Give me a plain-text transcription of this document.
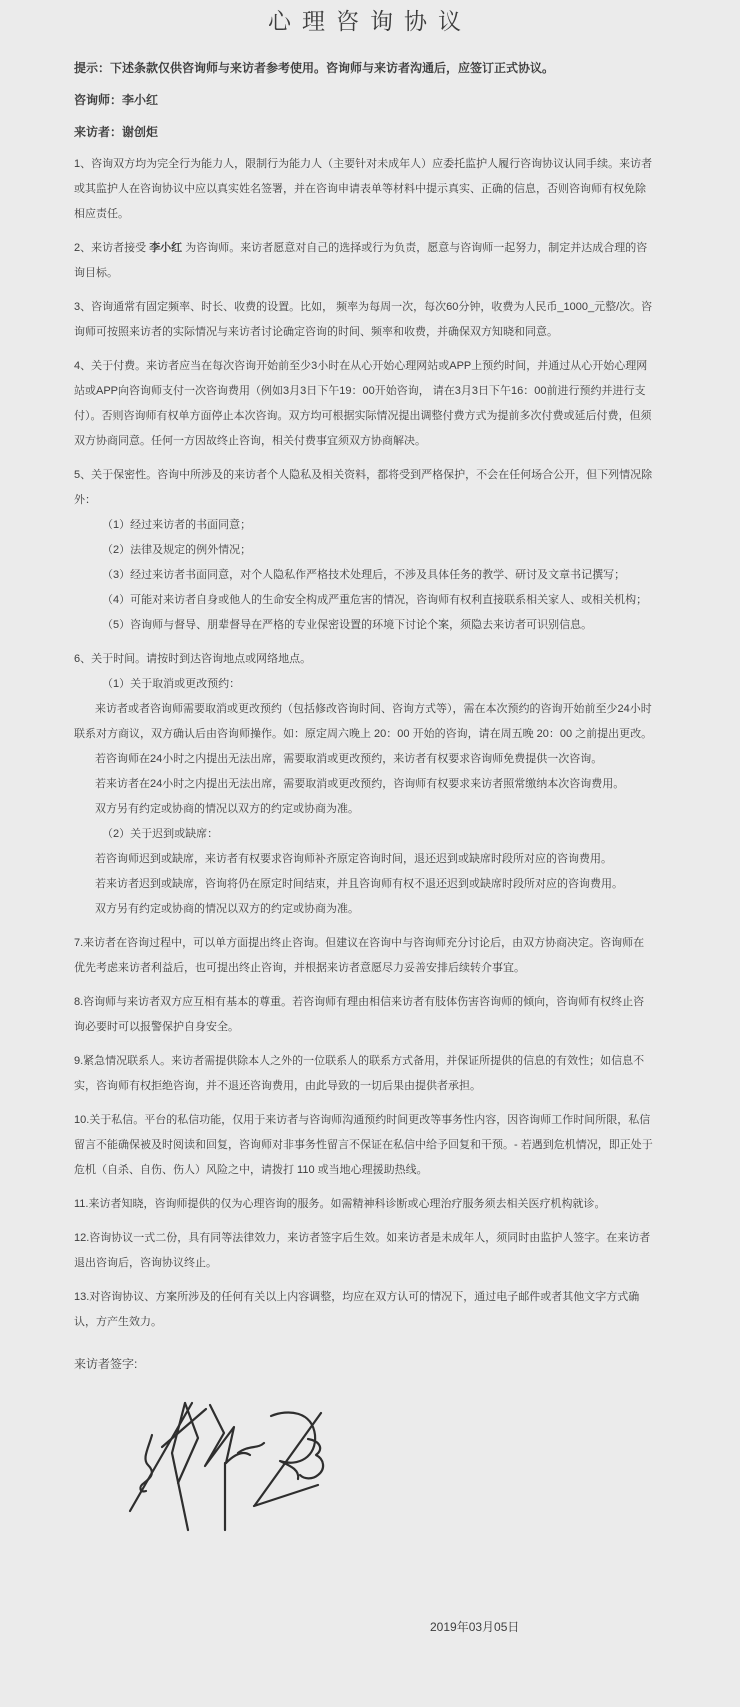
心理咨询协议

提示：下述条款仅供咨询师与来访者参考使用。咨询师与来访者沟通后，应签订正式协议。

咨询师：李小红

来访者：谢创炬

1、咨询双方均为完全行为能力人，限制行为能力人（主要针对未成年人）应委托监护人履行咨询协议认同手续。来访者或其监护人在咨询协议中应以真实姓名签署，并在咨询申请表单等材料中提示真实、正确的信息，否则咨询师有权免除相应责任。

2、来访者接受 李小红 为咨询师。来访者愿意对自己的选择或行为负责，愿意与咨询师一起努力，制定并达成合理的咨询目标。

3、咨询通常有固定频率、时长、收费的设置。比如， 频率为每周一次，每次60分钟，收费为人民币_1000_元整/次。咨询师可按照来访者的实际情况与来访者讨论确定咨询的时间、频率和收费，并确保双方知晓和同意。

4、关于付费。来访者应当在每次咨询开始前至少3小时在从心开始心理网站或APP上预约时间，并通过从心开始心理网站或APP向咨询师支付一次咨询费用（例如3月3日下午19：00开始咨询， 请在3月3日下午16：00前进行预约并进行支付）。否则咨询师有权单方面停止本次咨询。双方均可根据实际情况提出调整付费方式为提前多次付费或延后付费，但须双方协商同意。任何一方因故终止咨询，相关付费事宜须双方协商解决。

5、关于保密性。咨询中所涉及的来访者个人隐私及相关资料，都将受到严格保护，不会在任何场合公开，但下列情况除外：

（1）经过来访者的书面同意；

（2）法律及规定的例外情况；

（3）经过来访者书面同意，对个人隐私作严格技术处理后，不涉及具体任务的教学、研讨及文章书记撰写；

（4）可能对来访者自身或他人的生命安全构成严重危害的情况，咨询师有权利直接联系相关家人、或相关机构；

（5）咨询师与督导、朋辈督导在严格的专业保密设置的环境下讨论个案，须隐去来访者可识别信息。

6、关于时间。请按时到达咨询地点或网络地点。

（1）关于取消或更改预约：

来访者或者咨询师需要取消或更改预约（包括修改咨询时间、咨询方式等），需在本次预约的咨询开始前至少24小时联系对方商议，双方确认后由咨询师操作。如：原定周六晚上 20：00 开始的咨询，请在周五晚 20：00 之前提出更改。

若咨询师在24小时之内提出无法出席，需要取消或更改预约，来访者有权要求咨询师免费提供一次咨询。

若来访者在24小时之内提出无法出席，需要取消或更改预约，咨询师有权要求来访者照常缴纳本次咨询费用。

双方另有约定或协商的情况以双方的约定或协商为准。

（2）关于迟到或缺席：

若咨询师迟到或缺席，来访者有权要求咨询师补齐原定咨询时间，退还迟到或缺席时段所对应的咨询费用。

若来访者迟到或缺席，咨询将仍在原定时间结束，并且咨询师有权不退还迟到或缺席时段所对应的咨询费用。

双方另有约定或协商的情况以双方的约定或协商为准。

7.来访者在咨询过程中，可以单方面提出终止咨询。但建议在咨询中与咨询师充分讨论后，由双方协商决定。咨询师在优先考虑来访者利益后，也可提出终止咨询，并根据来访者意愿尽力妥善安排后续转介事宜。

8.咨询师与来访者双方应互相有基本的尊重。若咨询师有理由相信来访者有肢体伤害咨询师的倾向，咨询师有权终止咨询必要时可以报警保护自身安全。

9.紧急情况联系人。来访者需提供除本人之外的一位联系人的联系方式备用，并保证所提供的信息的有效性；如信息不实，咨询师有权拒绝咨询，并不退还咨询费用，由此导致的一切后果由提供者承担。

10.关于私信。平台的私信功能，仅用于来访者与咨询师沟通预约时间更改等事务性内容，因咨询师工作时间所限，私信留言不能确保被及时阅读和回复，咨询师对非事务性留言不保证在私信中给予回复和干预。- 若遇到危机情况，即正处于危机（自杀、自伤、伤人）风险之中，请拨打 110 或当地心理援助热线。

11.来访者知晓，咨询师提供的仅为心理咨询的服务。如需精神科诊断或心理治疗服务须去相关医疗机构就诊。

12.咨询协议一式二份，具有同等法律效力，来访者签字后生效。如来访者是未成年人，须同时由监护人签字。在来访者退出咨询后，咨询协议终止。

13.对咨询协议、方案所涉及的任何有关以上内容调整，均应在双方认可的情况下，通过电子邮件或者其他文字方式确认，方产生效力。

来访者签字:

2019年03月05日
